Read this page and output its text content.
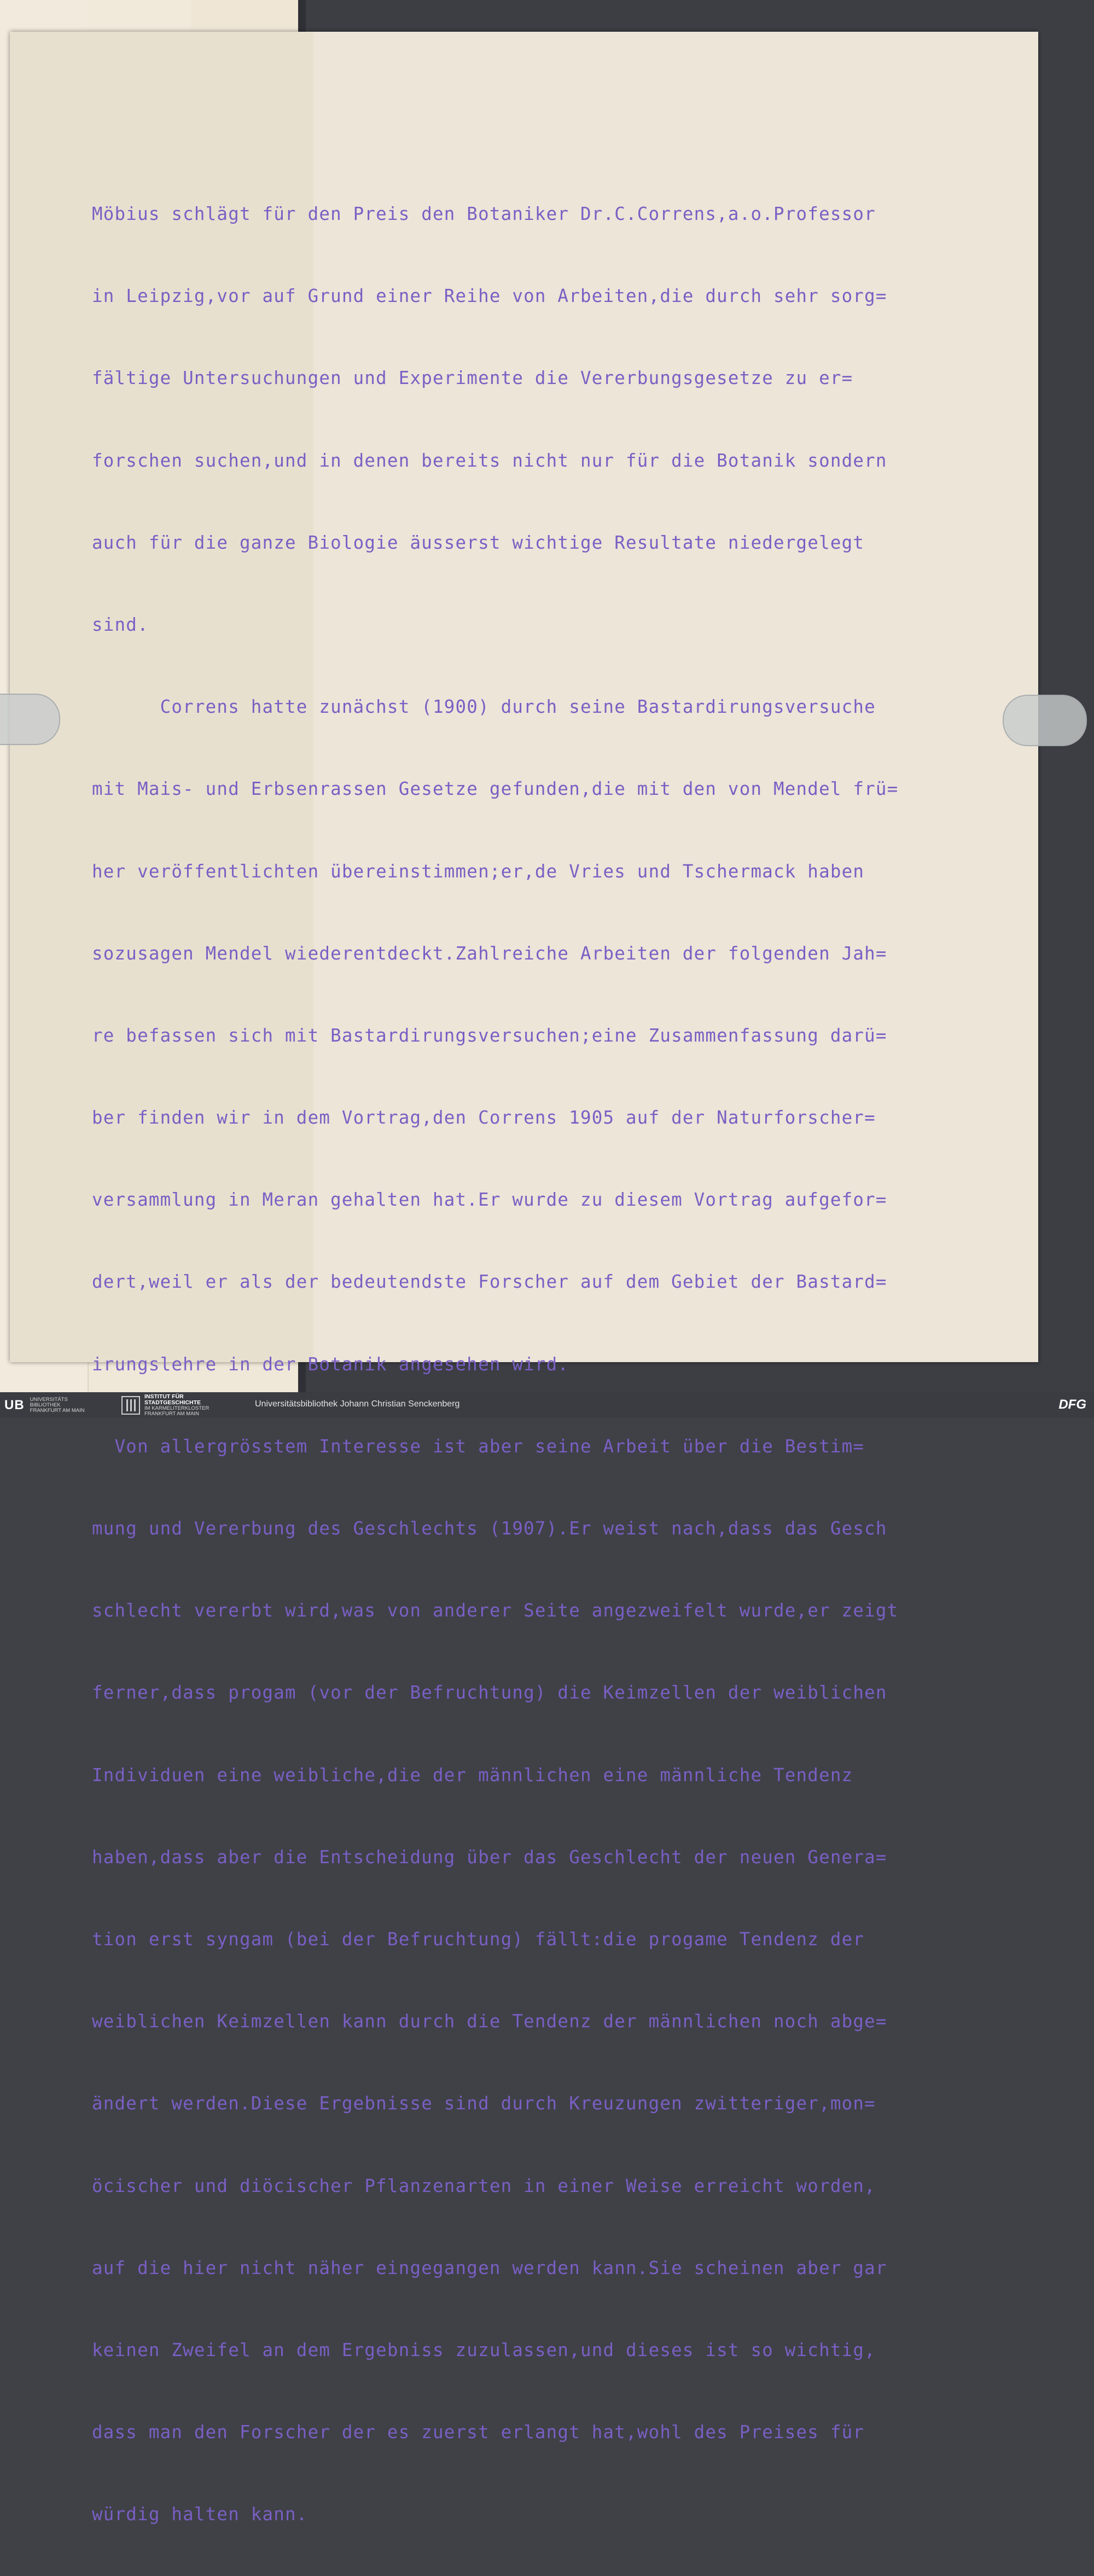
Möbius schlägt für den Preis den Botaniker Dr.C.Correns,a.o.Professor

in Leipzig,vor auf Grund einer Reihe von Arbeiten,die durch sehr sorg=

fältige Untersuchungen und Experimente die Vererbungsgesetze zu er=

forschen suchen,und in denen bereits nicht nur für die Botanik sondern

auch für die ganze Biologie äusserst wichtige Resultate niedergelegt

sind.

Correns hatte zunächst (1900) durch seine Bastardirungsversuche

mit Mais- und Erbsenrassen Gesetze gefunden,die mit den von Mendel frü=

her veröffentlichten übereinstimmen;er,de Vries und Tschermack haben

sozusagen Mendel wiederentdeckt.Zahlreiche Arbeiten der folgenden Jah=

re befassen sich mit Bastardirungsversuchen;eine Zusammenfassung darü=

ber finden wir in dem Vortrag,den Correns 1905 auf der Naturforscher=

versammlung in Meran gehalten hat.Er wurde zu diesem Vortrag aufgefor=

dert,weil er als der bedeutendste Forscher auf dem Gebiet der Bastard=

irungslehre in der Botanik angesehen wird.

Von allergrösstem Interesse ist aber seine Arbeit über die Bestim=

mung und Vererbung des Geschlechts (1907).Er weist nach,dass das Gesch

schlecht vererbt wird,was von anderer Seite angezweifelt wurde,er zeigt

ferner,dass progam (vor der Befruchtung) die Keimzellen der weiblichen

Individuen eine weibliche,die der männlichen eine männliche Tendenz

haben,dass aber die Entscheidung über das Geschlecht der neuen Genera=

tion erst syngam (bei der Befruchtung) fällt:die progame Tendenz der

weiblichen Keimzellen kann durch die Tendenz der männlichen noch abge=

ändert werden.Diese Ergebnisse sind durch Kreuzungen zwitteriger,mon=

öcischer und diöcischer Pflanzenarten in einer Weise erreicht worden,

auf die hier nicht näher eingegangen werden kann.Sie scheinen aber gar

keinen Zweifel an dem Ergebniss zuzulassen,und dieses ist so wichtig,

dass man den Forscher der es zuerst erlangt hat,wohl des Preises für

würdig halten kann.

UB UNIVERSITÄTS
BIBLIOTHEK
FRANKFURT AM MAIN
INSTITUT FÜR
STADTGESCHICHTE
IM KARMELITERKLOSTER
FRANKFURT AM MAIN
Universitätsbibliothek Johann Christian Senckenberg	DFG
